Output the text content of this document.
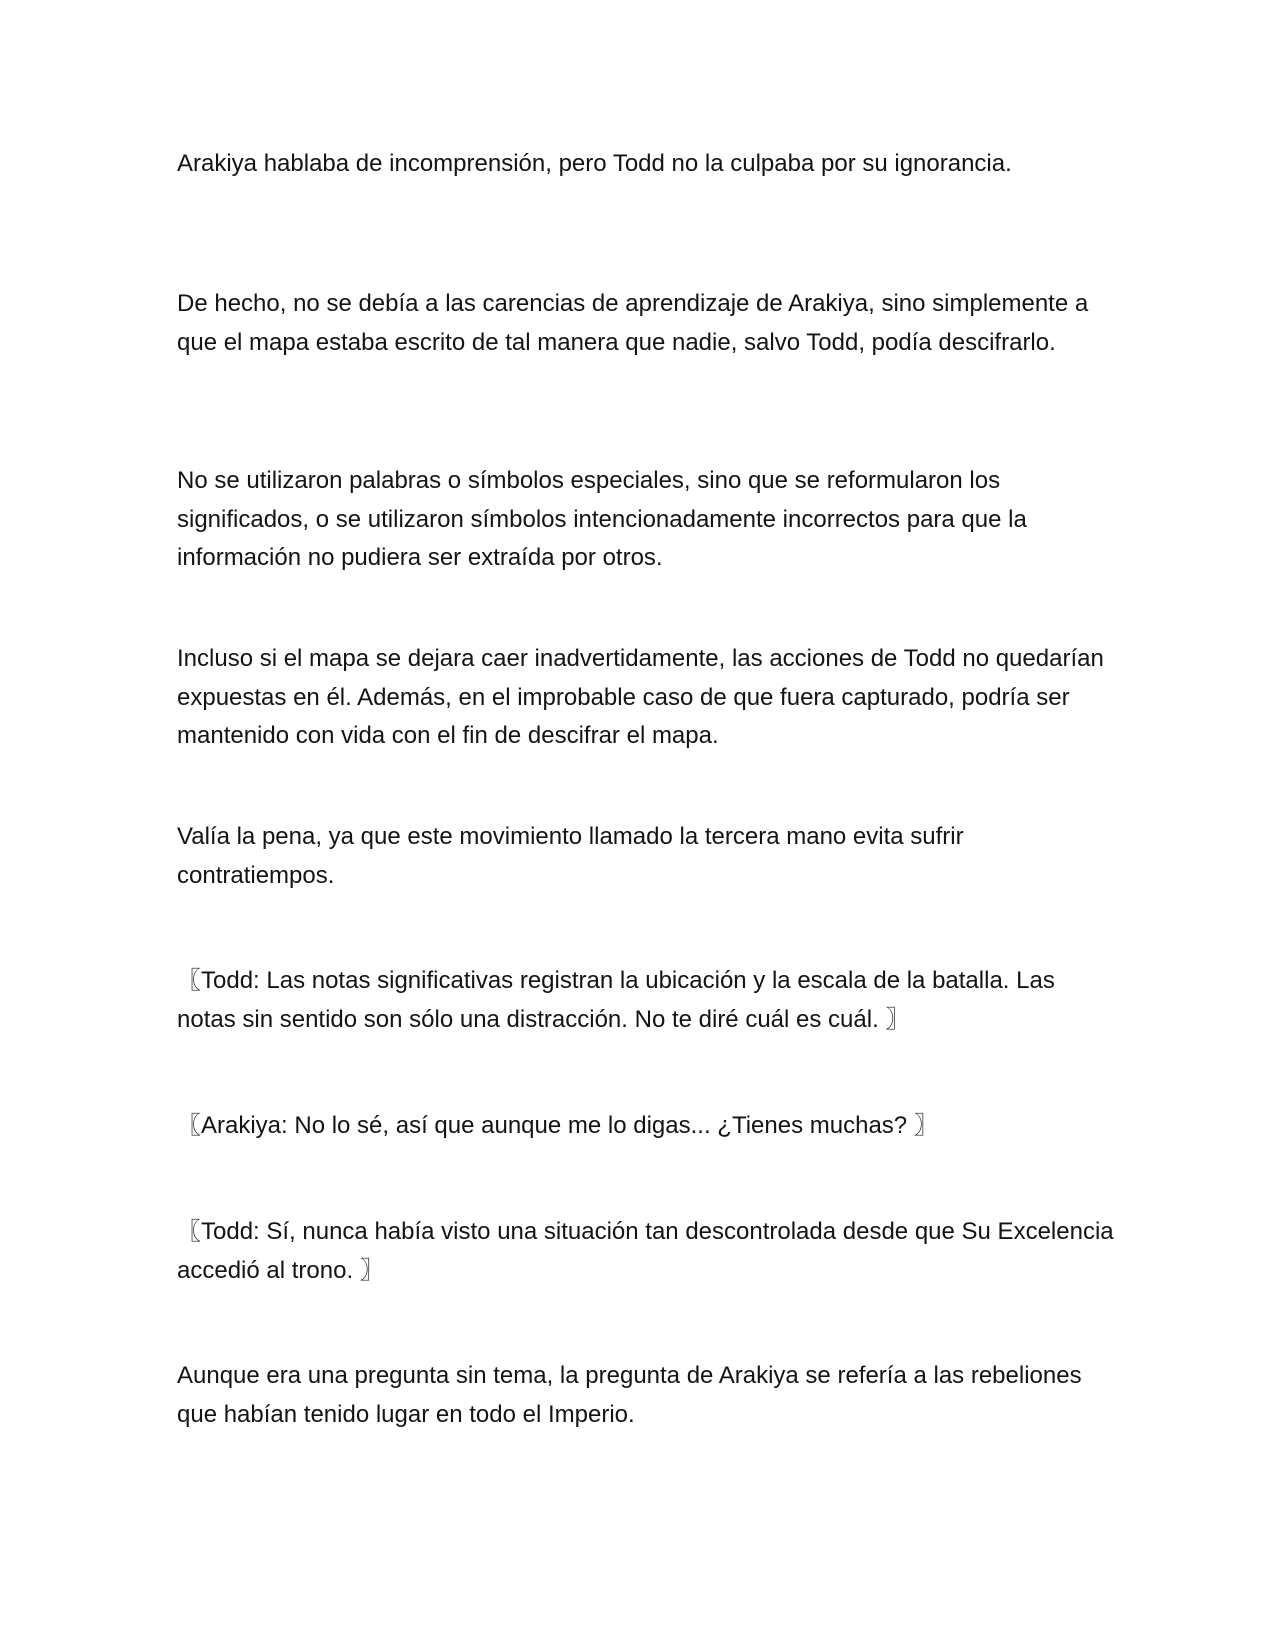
Arakiya hablaba de incomprensión, pero Todd no la culpaba por su ignorancia.

De hecho, no se debía a las carencias de aprendizaje de Arakiya, sino simplemente a que el mapa estaba escrito de tal manera que nadie, salvo Todd, podía descifrarlo.

No se utilizaron palabras o símbolos especiales, sino que se reformularon los significados, o se utilizaron símbolos intencionadamente incorrectos para que la información no pudiera ser extraída por otros.

Incluso si el mapa se dejara caer inadvertidamente, las acciones de Todd no quedarían expuestas en él. Además, en el improbable caso de que fuera capturado, podría ser mantenido con vida con el fin de descifrar el mapa.

Valía la pena, ya que este movimiento llamado la tercera mano evita sufrir contratiempos.

〖Todd: Las notas significativas registran la ubicación y la escala de la batalla. Las notas sin sentido son sólo una distracción. No te diré cuál es cuál. 〗

〖Arakiya: No lo sé, así que aunque me lo digas... ¿Tienes muchas? 〗

〖Todd: Sí, nunca había visto una situación tan descontrolada desde que Su Excelencia accedió al trono. 〗

Aunque era una pregunta sin tema, la pregunta de Arakiya se refería a las rebeliones que habían tenido lugar en todo el Imperio.
